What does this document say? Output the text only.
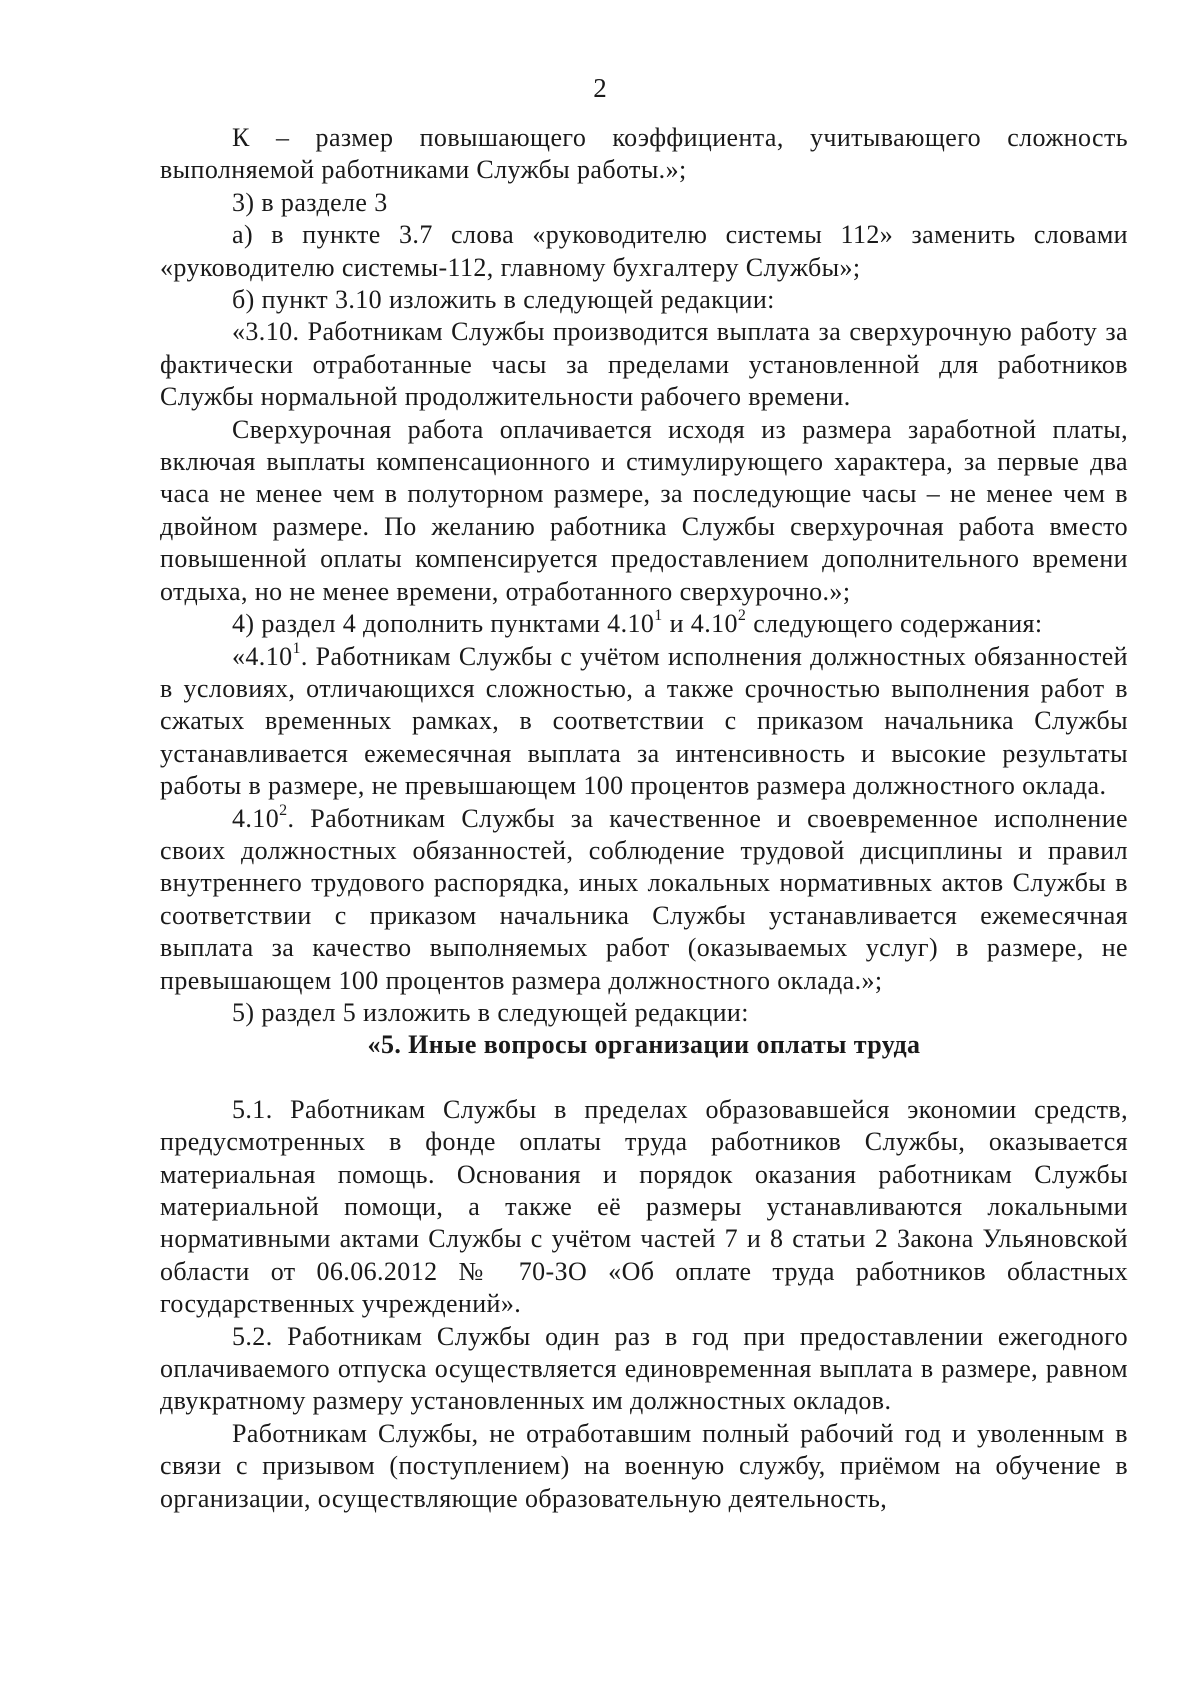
2

К – размер повышающего коэффициента, учитывающего сложность выполняемой работниками Службы работы.»;

3) в разделе 3

а) в пункте 3.7 слова «руководителю системы 112» заменить словами «руководителю системы-112, главному бухгалтеру Службы»;

б) пункт 3.10 изложить в следующей редакции:

«3.10. Работникам Службы производится выплата за сверхурочную работу за фактически отработанные часы за пределами установленной для работников Службы нормальной продолжительности рабочего времени.

Сверхурочная работа оплачивается исходя из размера заработной платы, включая выплаты компенсационного и стимулирующего характера, за первые два часа не менее чем в полуторном размере, за последующие часы – не менее чем в двойном размере. По желанию работника Службы сверхурочная работа вместо повышенной оплаты компенсируется предоставлением дополнительного времени отдыха, но не менее времени, отработанного сверхурочно.»;

4) раздел 4 дополнить пунктами 4.10$^1$ и 4.10$^2$ следующего содержания:

«4.10$^1$. Работникам Службы с учётом исполнения должностных обязанностей в условиях, отличающихся сложностью, а также срочностью выполнения работ в сжатых временных рамках, в соответствии с приказом начальника Службы устанавливается ежемесячная выплата за интенсивность и высокие результаты работы в размере, не превышающем 100 процентов размера должностного оклада.

4.10$^2$. Работникам Службы за качественное и своевременное исполнение своих должностных обязанностей, соблюдение трудовой дисциплины и правил внутреннего трудового распорядка, иных локальных нормативных актов Службы в соответствии с приказом начальника Службы устанавливается ежемесячная выплата за качество выполняемых работ (оказываемых услуг) в размере, не превышающем 100 процентов размера должностного оклада.»;

5) раздел 5 изложить в следующей редакции:

«5. Иные вопросы организации оплаты труда

5.1. Работникам Службы в пределах образовавшейся экономии средств, предусмотренных в фонде оплаты труда работников Службы, оказывается материальная помощь. Основания и порядок оказания работникам Службы материальной помощи, а также её размеры устанавливаются локальными нормативными актами Службы с учётом частей 7 и 8 статьи 2 Закона Ульяновской области от 06.06.2012 № 70-ЗО «Об оплате труда работников областных государственных учреждений».

5.2. Работникам Службы один раз в год при предоставлении ежегодного оплачиваемого отпуска осуществляется единовременная выплата в размере, равном двукратному размеру установленных им должностных окладов.

Работникам Службы, не отработавшим полный рабочий год и уволенным в связи с призывом (поступлением) на военную службу, приёмом на обучение в организации, осуществляющие образовательную деятельность,
